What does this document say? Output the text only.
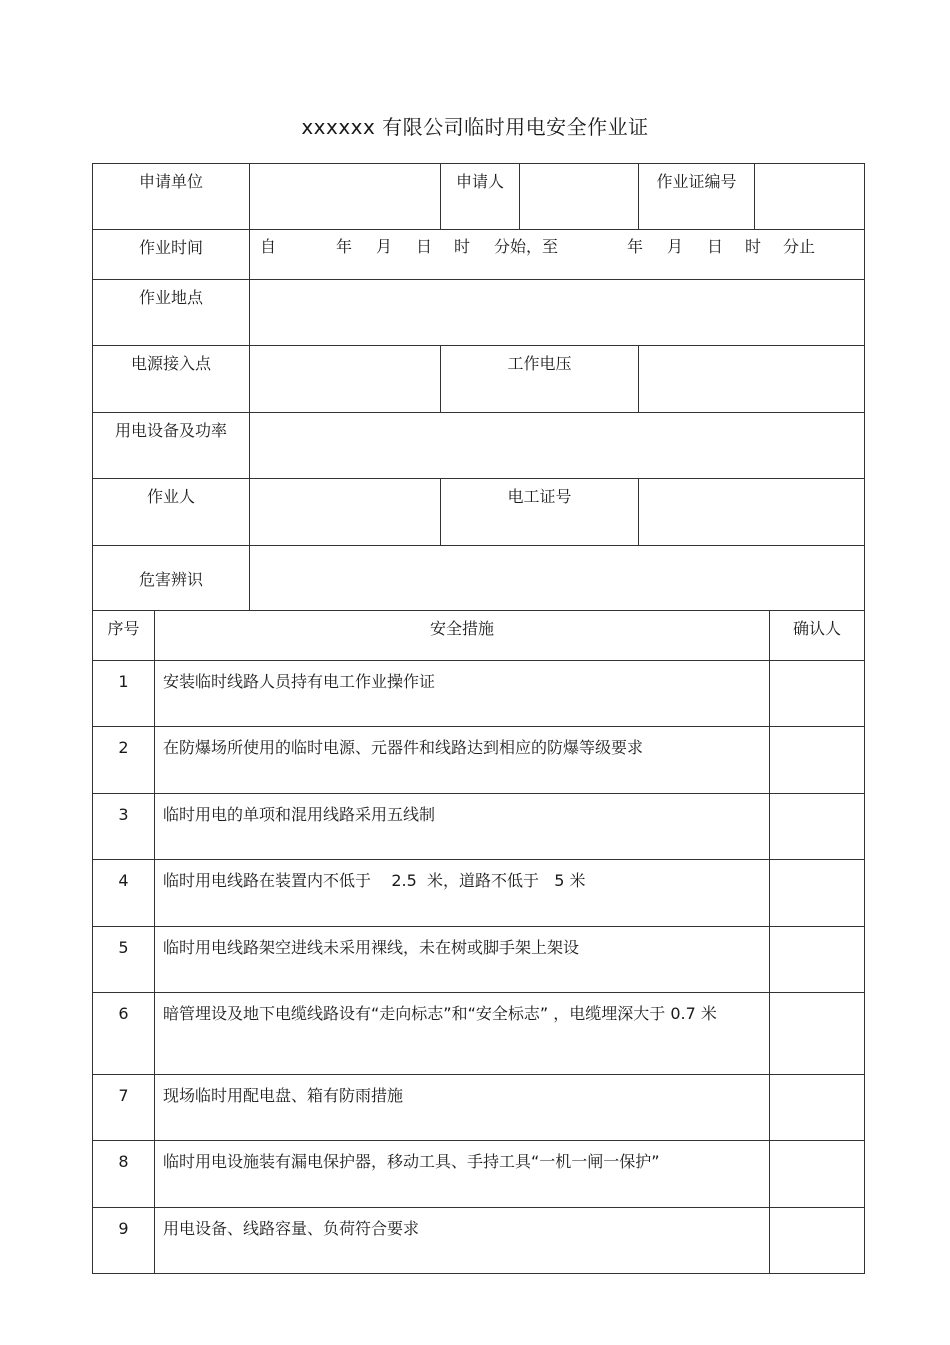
xxxxxx 有限公司临时用电安全作业证
申请单位		申请人		作业证编号	
作业时间	自 年 月 日 时 分始，至 年 月 日 时 分止				

作业地点					
电源接入点		工作电压			
用电设备及功率					
作业人		电工证号			
危害辨识					
序号	安全措施	确认人
1	安装临时线路人员持有电工作业操作证	
2	在防爆场所使用的临时电源、元器件和线路达到相应的防爆等级要求	
3	临时用电的单项和混用线路采用五线制	
4	临时用电线路在装置内不低于    2.5  米，道路不低于   5 米	
5	临时用电线路架空进线未采用裸线，未在树或脚手架上架设	
6	暗管埋设及地下电缆线路设有“走向标志”和“安全标志” ，电缆埋深大于 0.7 米	
7	现场临时用配电盘、箱有防雨措施	
8	临时用电设施装有漏电保护器，移动工具、手持工具“一机一闸一保护”	
9	用电设备、线路容量、负荷符合要求	
